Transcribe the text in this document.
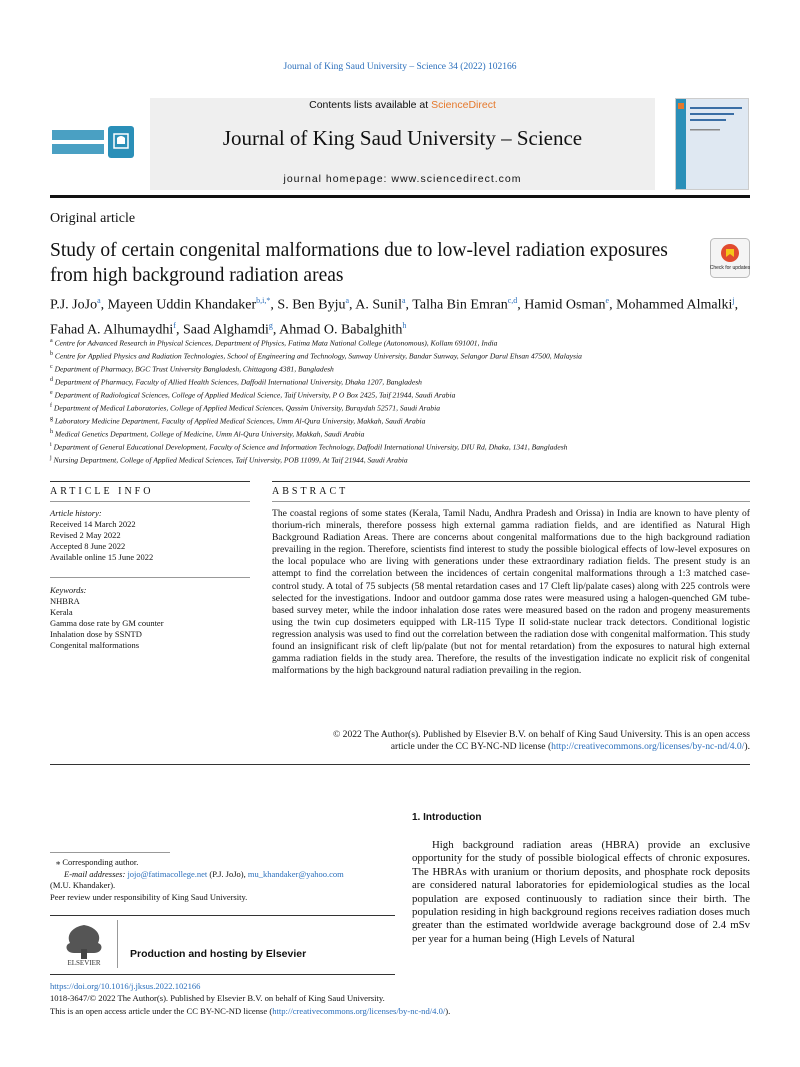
Journal of King Saud University – Science 34 (2022) 102166
Contents lists available at ScienceDirect
Journal of King Saud University – Science
journal homepage: www.sciencedirect.com
Original article
Study of certain congenital malformations due to low-level radiation exposures from high background radiation areas	Check for updates
P.J. JoJo$^a$, Mayeen Uddin Khandaker$^{b,i,*}$, S. Ben Byju$^a$, A. Sunil$^a$, Talha Bin Emran$^{c,d}$, Hamid Osman$^e$, Mohammed Almalki$^j$, Fahad A. Alhumaydhi$^f$, Saad Alghamdi$^g$, Ahmad O. Babalghith$^h$
$^a$ Centre for Advanced Research in Physical Sciences, Department of Physics, Fatima Mata National College (Autonomous), Kollam 691001, India
$^b$ Centre for Applied Physics and Radiation Technologies, School of Engineering and Technology, Sunway University, Bandar Sunway, Selangor Darul Ehsan 47500, Malaysia
$^c$ Department of Pharmacy, BGC Trust University Bangladesh, Chittagong 4381, Bangladesh
$^d$ Department of Pharmacy, Faculty of Allied Health Sciences, Daffodil International University, Dhaka 1207, Bangladesh
$^e$ Department of Radiological Sciences, College of Applied Medical Science, Taif University, P O Box 2425, Taif 21944, Saudi Arabia
$^f$ Department of Medical Laboratories, College of Applied Medical Sciences, Qassim University, Buraydah 52571, Saudi Arabia
$^g$ Laboratory Medicine Department, Faculty of Applied Medical Sciences, Umm Al-Qura University, Makkah, Saudi Arabia
$^h$ Medical Genetics Department, College of Medicine, Umm Al-Qura University, Makkah, Saudi Arabia
$^i$ Department of General Educational Development, Faculty of Science and Information Technology, Daffodil International University, DIU Rd, Dhaka, 1341, Bangladesh
$^j$ Nursing Department, College of Applied Medical Sciences, Taif University, POB 11099, At Taif 21944, Saudi Arabia
ARTICLE INFO
Article history:
Received 14 March 2022
Revised 2 May 2022
Accepted 8 June 2022
Available online 15 June 2022
Keywords:
NHBRA
Kerala
Gamma dose rate by GM counter
Inhalation dose by SSNTD
Congenital malformations
ABSTRACT
The coastal regions of some states (Kerala, Tamil Nadu, Andhra Pradesh and Orissa) in India are known to have plenty of thorium-rich minerals, therefore possess high external gamma radiation fields, and are identified as Natural High Background Radiation Areas. There are concerns about congenital malformations due to the high background radiation prevailing in the region. Therefore, scientists find interest to study the possible biological effects of low-level exposures on the local populace who are living with generations under these extraordinary radiation fields. The present study is an attempt to find the correlation between the incidences of certain congenital malformations through a 1:3 matched case-control study. A total of 75 subjects (58 mental retardation cases and 17 Cleft lip/palate cases) along with 225 controls were selected for the investigations. Indoor and outdoor gamma dose rates were measured using a halogen-quenched GM tube-based survey meter, while the indoor inhalation dose rates were measured based on the radon and progeny measurements using the twin cup dosimeters equipped with LR-115 Type II solid-state nuclear track detectors. Conditional logistic regression analysis was used to find out the correlation between the radiation dose with congenital malformation. This study found an insignificant risk of cleft lip/palate (but not for mental retardation) from the exposures to natural high external gamma radiation fields in the study area. Therefore, the results of the investigation indicate no explicit risk of congenital malformations by the high background natural radiation prevailing in the region.
© 2022 The Author(s). Published by Elsevier B.V. on behalf of King Saud University. This is an open access
article under the CC BY-NC-ND license (http://creativecommons.org/licenses/by-nc-nd/4.0/).
1. Introduction
High background radiation areas (HBRA) provide an exclusive opportunity for the study of possible biological effects of chronic exposures. The HBRAs with uranium or thorium deposits, and phosphate rock deposits are considered natural laboratories for epidemiological studies as the local population are exposed continuously to radiation since their birth. The population residing in high background regions receives radiation doses much greater than the estimated worldwide average background dose of 2.4 mSv per year for a human being (High Levels of Natural
⁎ Corresponding author.
E-mail addresses: jojo@fatimacollege.net (P.J. JoJo), mu_khandaker@yahoo.com
(M.U. Khandaker).
Peer review under responsibility of King Saud University.
ELSEVIER
Production and hosting by Elsevier
https://doi.org/10.1016/j.jksus.2022.102166
1018-3647/© 2022 The Author(s). Published by Elsevier B.V. on behalf of King Saud University.
This is an open access article under the CC BY-NC-ND license (http://creativecommons.org/licenses/by-nc-nd/4.0/).
